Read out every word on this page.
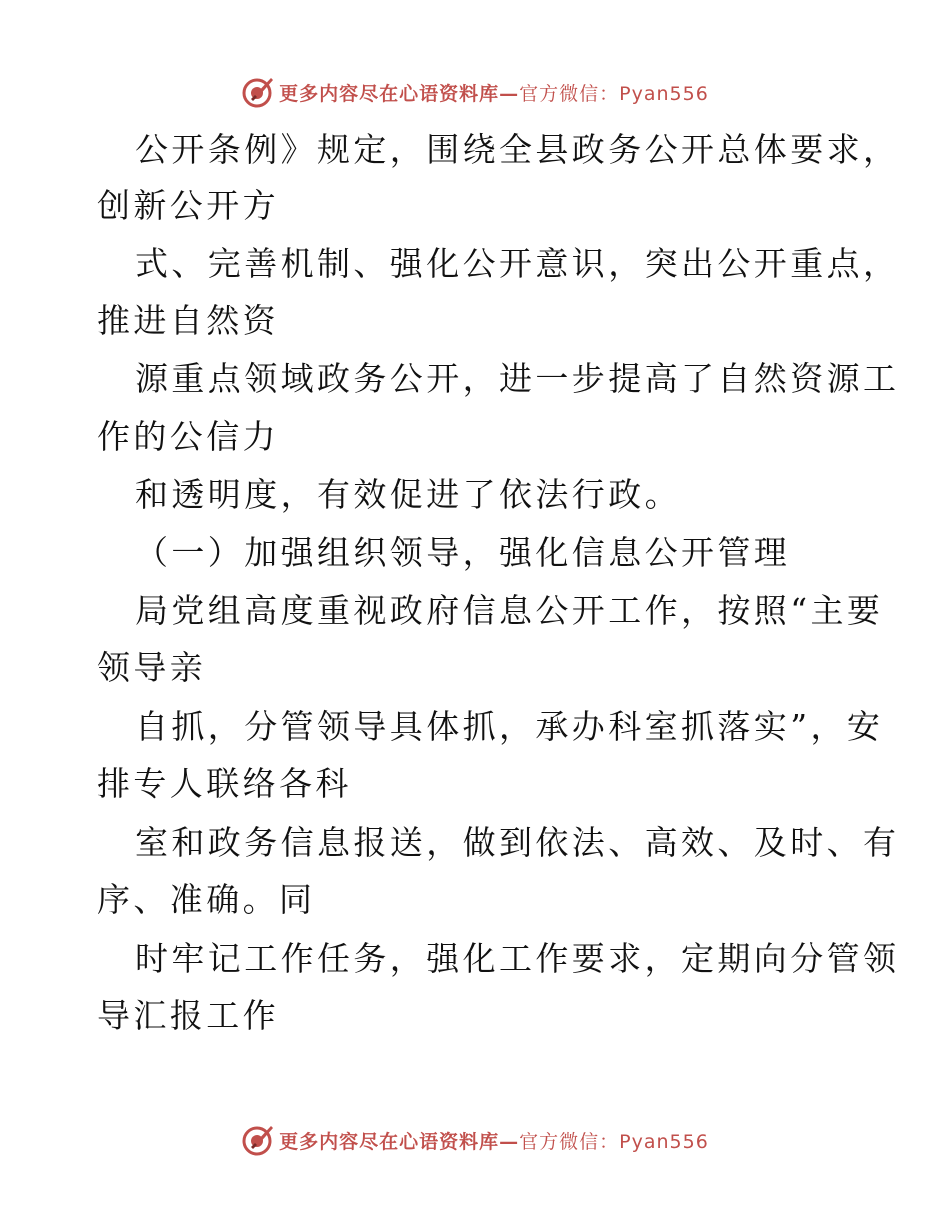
更多内容尽在心语资料库— 官方微信：Pyan556
公开条例》规定，围绕全县政务公开总体要求，
创新公开方
式、完善机制、强化公开意识，突出公开重点，
推进自然资
源重点领域政务公开，进一步提高了自然资源工
作的公信力
和透明度，有效促进了依法行政。
（一）加强组织领导，强化信息公开管理
局党组高度重视政府信息公开工作，按照“主要
领导亲
自抓，分管领导具体抓，承办科室抓落实”，安
排专人联络各科
室和政务信息报送，做到依法、高效、及时、有
序、准确。同
时牢记工作任务，强化工作要求，定期向分管领
导汇报工作
更多内容尽在心语资料库— 官方微信：Pyan556
